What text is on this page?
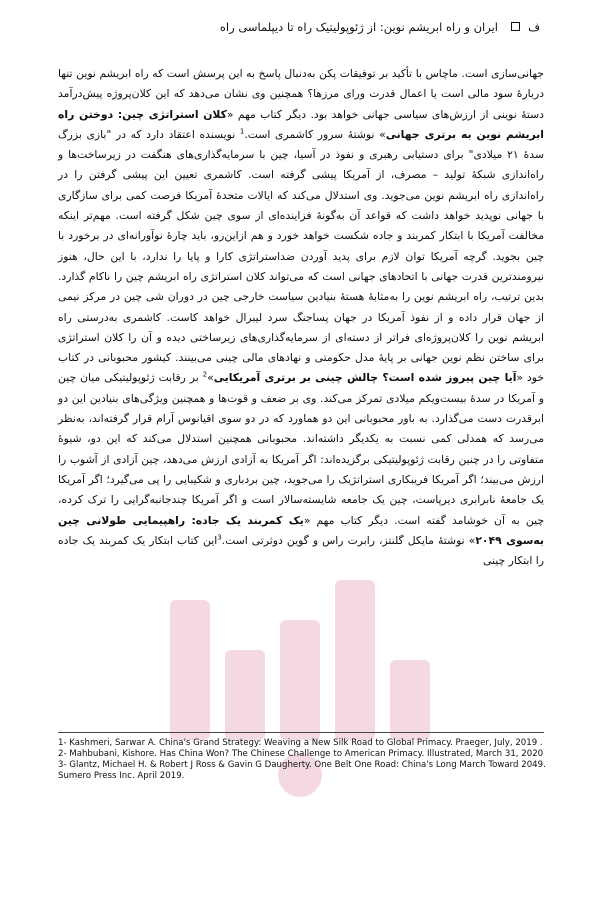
ف
ایران و راه ابریشم نوین: از ژئوپولیتیک راه تا دیپلماسی راه

جهانی‌سازی است. ماچاس با تأکید بر توفیقات پکن به‌دنبال پاسخ به این پرسش است که راه ابریشم نوین تنها دربارهٔ سود مالی است یا اعمال قدرت ورای مرزها؟ همچنین وی نشان می‌دهد که این کلان‌پروژه پیش‌درآمد دستهٔ نوینی از ارزش‌های سیاسی جهانی خواهد بود. دیگر کتاب مهم «کلان استراتژی چین: دوختن راه ابریشم نوین به برتری جهانی» نوشتهٔ سرور کاشمری است.$^1$ نویسنده اعتقاد دارد که در "بازی بزرگ سدهٔ ۲۱ میلادی" برای دستیابی رهبری و نفوذ در آسیا، چین با سرمایه‌گذاری‌های هنگفت در زیرساخت‌ها و راه‌اندازی شبکهٔ تولید – مصرف، از آمریکا پیشی گرفته است. کاشمری تعیین این پیشی گرفتن را در راه‌اندازی راه ابریشم نوین می‌جوید. وی استدلال می‌کند که ایالات متحدهٔ آمریکا فرصت کمی برای سازگاری با جهانی نوپدید خواهد داشت که قواعد آن به‌گونهٔ فزاینده‌ای از سوی چین شکل گرفته است. مهم‌تر اینکه مخالفت آمریکا با ابتکار کمربند و جاده شکست خواهد خورد و هم ازاین‌رو، باید چارهٔ نوآورانه‌ای در برخورد با چین بجوید. گرچه آمریکا توان لازم برای پدید آوردن ضداستراتژی کارا و پایا را ندارد، با این حال، هنوز نیرومندترین قدرت جهانی با اتحادهای جهانی است که می‌تواند کلان استراتژی راه ابریشم چین را ناکام گذارد. بدین ترتیب، راه ابریشم نوین را به‌مثابهٔ هستهٔ بنیادین سیاست خارجی چین در دوران شی چین در مرکز نیمی از جهان قرار داده و از نفوذ آمریکا در جهان پساجنگ سرد لیبرال خواهد کاست. کاشمری به‌درستی راه ابریشم نوین را کلان‌پروژه‌ای فراتر از دسته‌ای از سرمایه‌گذاری‌های زیرساختی دیده و آن را کلان استراتژی برای ساختن نظم نوین جهانی بر پایهٔ مدل حکومتی و نهادهای مالی چینی می‌بینند. کیشور محبوبانی در کتاب خود «آیا چین پیروز شده است؟ چالش چینی بر برتری آمریکایی»$^2$ بر رقابت ژئوپولیتیکی میان چین و آمریکا در سدهٔ بیست‌ویکم میلادی تمرکز می‌کند. وی بر ضعف و قوت‌ها و همچنین ویژگی‌های بنیادین این دو ابرقدرت دست می‌گذارد. به باور محبوبانی این دو هماورد که در دو سوی اقیانوس آرام قرار گرفته‌اند، به‌نظر می‌رسد که همدلی کمی نسبت به یکدیگر داشته‌اند. محبوبانی همچنین استدلال می‌کند که این دو، شیوهٔ متفاوتی را در چنین رقابت ژئوپولیتیکی برگزیده‌اند: اگر آمریکا به آزادی ارزش می‌دهد، چین آزادی از آشوب را ارزش می‌بیند؛ اگر آمریکا فریبکاری استراتژیک را می‌جوید، چین بردباری و شکیبایی را پی می‌گیرد؛ اگر آمریکا یک جامعهٔ نابرابری دیرپاست، چین یک جامعه شایسته‌سالار است و اگر آمریکا چندجانبه‌گرایی را ترک کرده، چین به آن خوشامد گفته است. دیگر کتاب مهم «یک کمربند یک جاده: راهپیمایی طولانی چین به‌سوی ۲۰۴۹» نوشتهٔ مایکل گلنتز، رابرت راس و گوین دوثرتی است.$^3$این کتاب ابتکار یک کمربند یک جاده را ابتکار چینی

1- Kashmeri, Sarwar A. China's Grand Strategy: Weaving a New Silk Road to Global Primacy. Praeger, July, 2019 .
2- Mahbubani, Kishore. Has China Won? The Chinese Challenge to American Primacy. Illustrated, March 31, 2020
3- Glantz, Michael H. & Robert J Ross & Gavin G Daugherty. One Belt One Road: China's Long March Toward 2049. Sumero Press Inc. April 2019.
